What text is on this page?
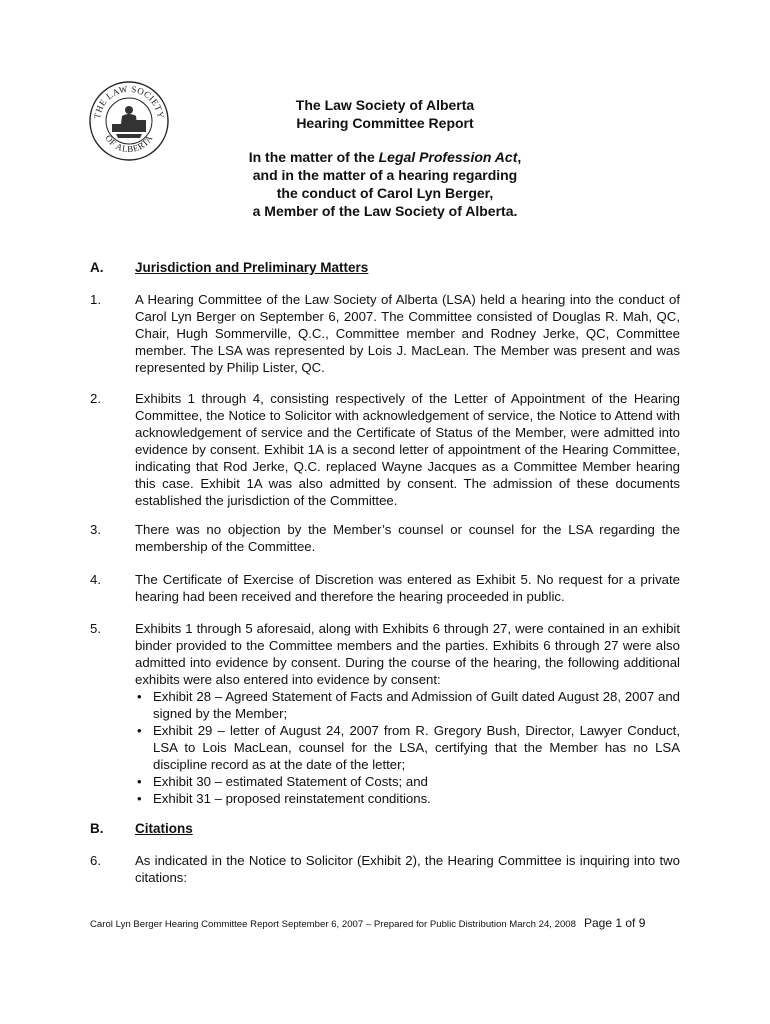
THE LAW SOCIETY
OF ALBERTA
The Law Society of Alberta
Hearing Committee Report
In the matter of the Legal Profession Act,
and in the matter of a hearing regarding
the conduct of Carol Lyn Berger,
a Member of the Law Society of Alberta.
A. Jurisdiction and Preliminary Matters
1.	A Hearing Committee of the Law Society of Alberta (LSA) held a hearing into the conduct of Carol Lyn Berger on September 6, 2007. The Committee consisted of Douglas R. Mah, QC, Chair, Hugh Sommerville, Q.C., Committee member and Rodney Jerke, QC, Committee member. The LSA was represented by Lois J. MacLean. The Member was present and was represented by Philip Lister, QC.
2.	Exhibits 1 through 4, consisting respectively of the Letter of Appointment of the Hearing Committee, the Notice to Solicitor with acknowledgement of service, the Notice to Attend with acknowledgement of service and the Certificate of Status of the Member, were admitted into evidence by consent. Exhibit 1A is a second letter of appointment of the Hearing Committee, indicating that Rod Jerke, Q.C. replaced Wayne Jacques as a Committee Member hearing this case. Exhibit 1A was also admitted by consent. The admission of these documents established the jurisdiction of the Committee.
3.	There was no objection by the Member’s counsel or counsel for the LSA regarding the membership of the Committee.
4.	The Certificate of Exercise of Discretion was entered as Exhibit 5. No request for a private hearing had been received and therefore the hearing proceeded in public.
5.	Exhibits 1 through 5 aforesaid, along with Exhibits 6 through 27, were contained in an exhibit binder provided to the Committee members and the parties. Exhibits 6 through 27 were also admitted into evidence by consent. During the course of the hearing, the following additional exhibits were also entered into evidence by consent:
• Exhibit 28 – Agreed Statement of Facts and Admission of Guilt dated August 28, 2007 and signed by the Member;
• Exhibit 29 – letter of August 24, 2007 from R. Gregory Bush, Director, Lawyer Conduct, LSA to Lois MacLean, counsel for the LSA, certifying that the Member has no LSA discipline record as at the date of the letter;
• Exhibit 30 – estimated Statement of Costs; and
• Exhibit 31 – proposed reinstatement conditions.
B. Citations
6.	As indicated in the Notice to Solicitor (Exhibit 2), the Hearing Committee is inquiring into two citations:
Carol Lyn Berger Hearing Committee Report September 6, 2007 – Prepared for Public Distribution March 24, 2008 Page 1 of 9
